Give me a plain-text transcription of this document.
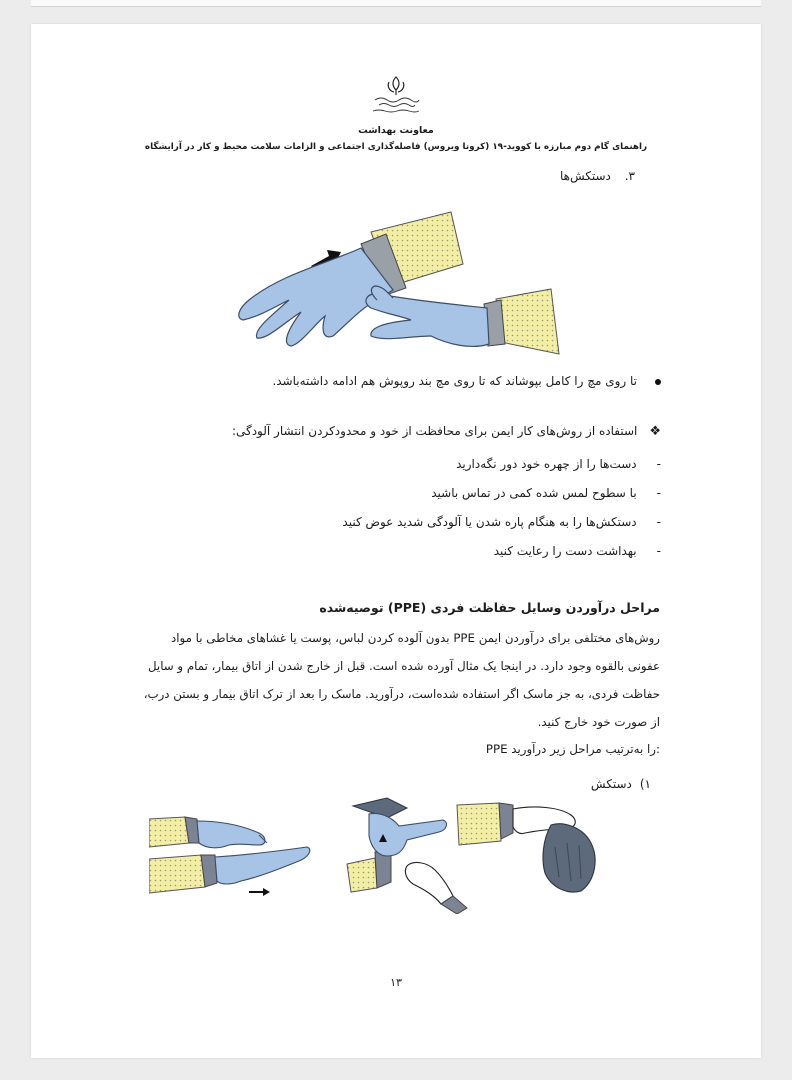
معاونت بهداشت
راهنمای گام دوم مبارزه با کووید-۱۹ (کرونا ویروس) فاصله‌گذاری اجتماعی و الزامات سلامت محیط و کار در آرایشگاه
۳. دستکش‌ها
تا روی مچ را کامل بپوشاند که تا روی مچ بند روپوش هم ادامه داشته‌باشد.
❖استفاده از روش‌های کار ایمن برای محافظت از خود و محدودکردن انتشار آلودگی:
-دست‌ها را از چهره خود دور نگه‌دارید
-با سطوح لمس شده کمی در تماس باشید
-دستکش‌ها را به هنگام پاره شدن یا آلودگی شدید عوض کنید
-بهداشت دست را رعایت کنید
مراحل درآوردن وسایل حفاظت فردی (PPE) توصیه‌شده
روش‌های مختلفی برای درآوردن ایمن PPE بدون آلوده کردن لباس، پوست یا غشاهای مخاطی با مواد
عفونی بالقوه وجود دارد. در اینجا یک مثال آورده شده است. قبل از خارج شدن از اتاق بیمار، تمام و سایل
حفاظت فردی، به جز ماسک اگر استفاده شده‌است، درآورید. ماسک را بعد از ترک اتاق بیمار و بستن درب،
از صورت خود خارج کنید.
PPE را به‌ترتیب مراحل زیر درآورید:
۱)دستکش
۱۳
